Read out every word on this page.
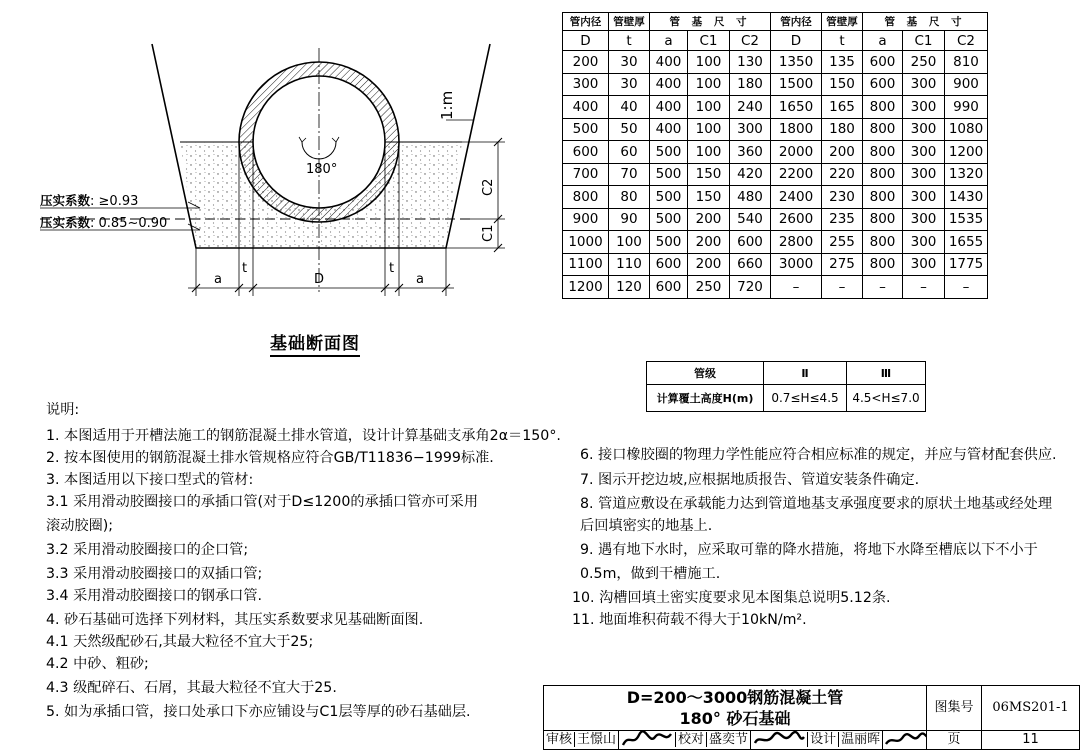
180°
1:m
压实系数: ≥0.93
压实系数: 0.85~0.90
C2
C1
a
t
D
t
a
基础断面图
管内径	管壁厚	管 基 尺 寸			管内径	管壁厚	管 基 尺 寸		
D	t	a	C1	C2	D	t	a	C1	C2
200	30	400	100	130	1350	135	600	250	810
300	30	400	100	180	1500	150	600	300	900
400	40	400	100	240	1650	165	800	300	990
500	50	400	100	300	1800	180	800	300	1080
600	60	500	100	360	2000	200	800	300	1200
700	70	500	150	420	2200	220	800	300	1320
800	80	500	150	480	2400	230	800	300	1430
900	90	500	200	540	2600	235	800	300	1535
1000	100	500	200	600	2800	255	800	300	1655
1100	110	600	200	660	3000	275	800	300	1775
1200	120	600	250	720	–	–	–	–	–
管级	Ⅱ	Ⅲ
计算覆土高度H(m)	0.7≤H≤4.5	4.5<H≤7.0
说明:
1. 本图适用于开槽法施工的钢筋混凝土排水管道，设计计算基础支承角2α＝150°.
2. 按本图使用的钢筋混凝土排水管规格应符合GB/T11836−1999标准.
3. 本图适用以下接口型式的管材:
3.1 采用滑动胶圈接口的承插口管(对于D≤1200的承插口管亦可采用
滚动胶圈);
3.2 采用滑动胶圈接口的企口管;
3.3 采用滑动胶圈接口的双插口管;
3.4 采用滑动胶圈接口的钢承口管.
4. 砂石基础可选择下列材料，其压实系数要求见基础断面图.
4.1 天然级配砂石,其最大粒径不宜大于25;
4.2 中砂、粗砂;
4.3 级配碎石、石屑，其最大粒径不宜大于25.
5. 如为承插口管，接口处承口下亦应铺设与C1层等厚的砂石基础层.
6. 接口橡胶圈的物理力学性能应符合相应标准的规定，并应与管材配套供应.
7. 图示开挖边坡,应根据地质报告、管道安装条件确定.
8. 管道应敷设在承载能力达到管道地基支承强度要求的原状土地基或经处理
后回填密实的地基上.
9. 遇有地下水时，应采取可靠的降水措施，将地下水降至槽底以下不小于
0.5m，做到干槽施工.
10. 沟槽回填土密实度要求见本图集总说明5.12条.
11. 地面堆积荷载不得大于10kN/m².
D=200～3000钢筋混凝土管
180° 砂石基础
图集号	06MS201-1
审核 王憬山	校对 盛奕节	设计 温丽晖	页	11
